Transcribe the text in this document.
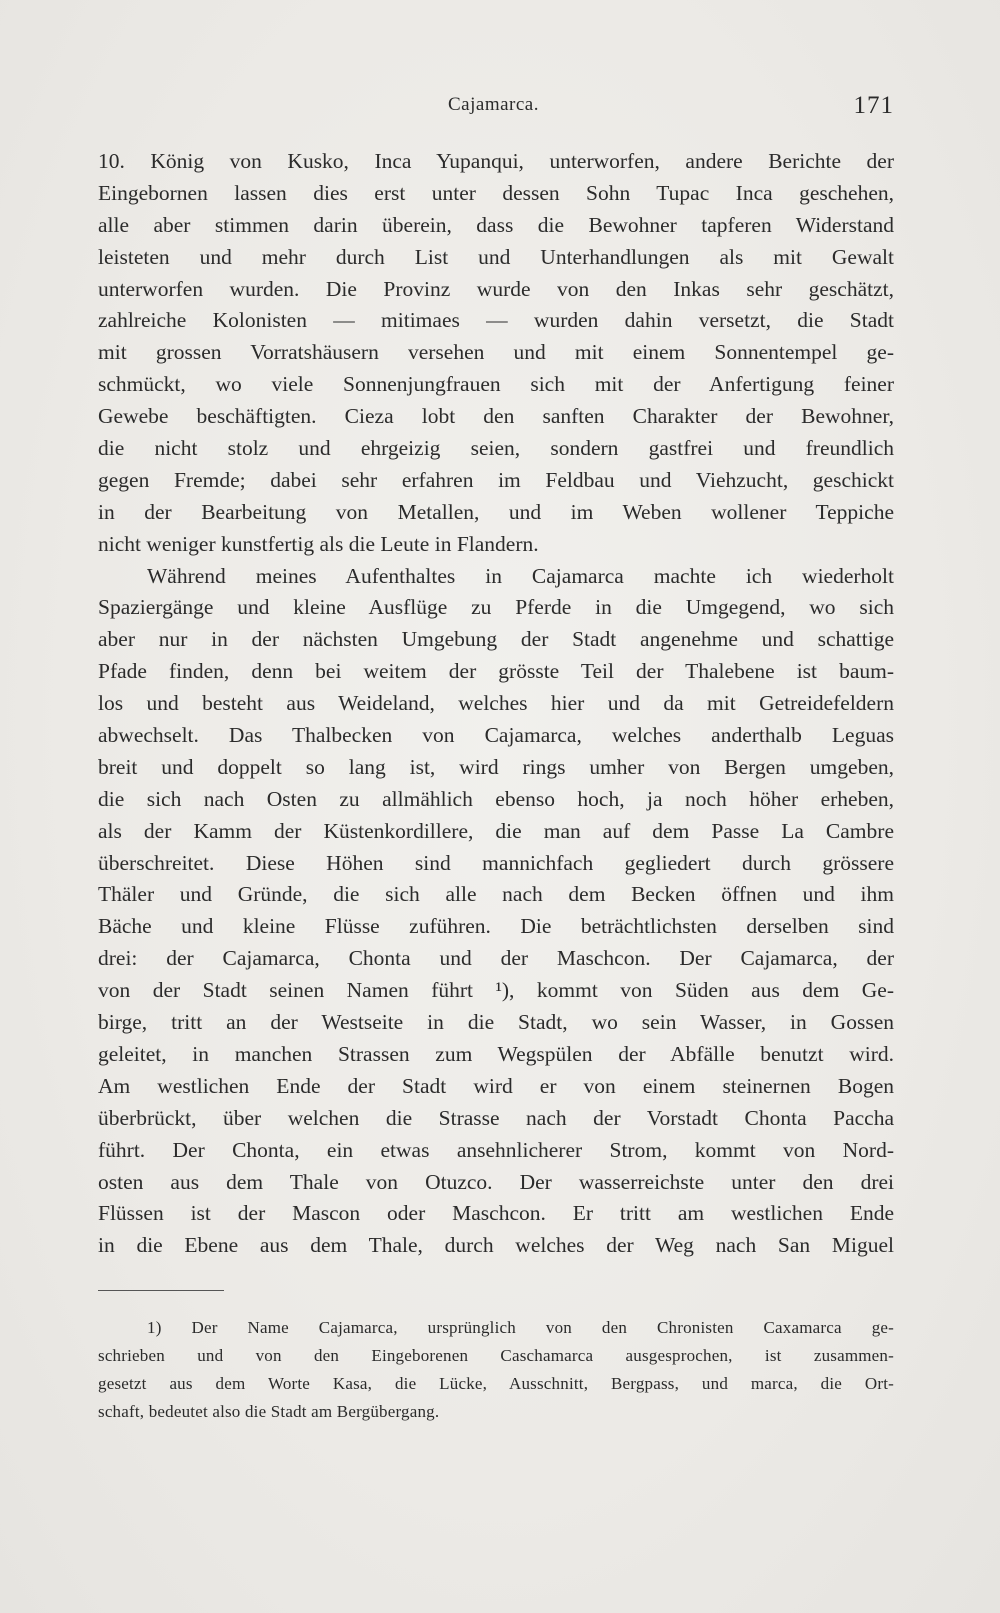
Cajamarca.	171
10. König von Kusko, Inca Yupanqui, unterworfen, andere Berichte der
Eingebornen lassen dies erst unter dessen Sohn Tupac Inca geschehen,
alle aber stimmen darin überein, dass die Bewohner tapferen Widerstand
leisteten und mehr durch List und Unterhandlungen als mit Gewalt
unterworfen wurden. Die Provinz wurde von den Inkas sehr geschätzt,
zahlreiche Kolonisten — mitimaes — wurden dahin versetzt, die Stadt
mit grossen Vorratshäusern versehen und mit einem Sonnentempel ge-
schmückt, wo viele Sonnenjungfrauen sich mit der Anfertigung feiner
Gewebe beschäftigten. Cieza lobt den sanften Charakter der Bewohner,
die nicht stolz und ehrgeizig seien, sondern gastfrei und freundlich
gegen Fremde; dabei sehr erfahren im Feldbau und Viehzucht, geschickt
in der Bearbeitung von Metallen, und im Weben wollener Teppiche
nicht weniger kunstfertig als die Leute in Flandern.
Während meines Aufenthaltes in Cajamarca machte ich wiederholt
Spaziergänge und kleine Ausflüge zu Pferde in die Umgegend, wo sich
aber nur in der nächsten Umgebung der Stadt angenehme und schattige
Pfade finden, denn bei weitem der grösste Teil der Thalebene ist baum-
los und besteht aus Weideland, welches hier und da mit Getreidefeldern
abwechselt. Das Thalbecken von Cajamarca, welches anderthalb Leguas
breit und doppelt so lang ist, wird rings umher von Bergen umgeben,
die sich nach Osten zu allmählich ebenso hoch, ja noch höher erheben,
als der Kamm der Küstenkordillere, die man auf dem Passe La Cambre
überschreitet. Diese Höhen sind mannichfach gegliedert durch grössere
Thäler und Gründe, die sich alle nach dem Becken öffnen und ihm
Bäche und kleine Flüsse zuführen. Die beträchtlichsten derselben sind
drei: der Cajamarca, Chonta und der Maschcon. Der Cajamarca, der
von der Stadt seinen Namen führt ¹), kommt von Süden aus dem Ge-
birge, tritt an der Westseite in die Stadt, wo sein Wasser, in Gossen
geleitet, in manchen Strassen zum Wegspülen der Abfälle benutzt wird.
Am westlichen Ende der Stadt wird er von einem steinernen Bogen
überbrückt, über welchen die Strasse nach der Vorstadt Chonta Paccha
führt. Der Chonta, ein etwas ansehnlicherer Strom, kommt von Nord-
osten aus dem Thale von Otuzco. Der wasserreichste unter den drei
Flüssen ist der Mascon oder Maschcon. Er tritt am westlichen Ende
in die Ebene aus dem Thale, durch welches der Weg nach San Miguel
1) Der Name Cajamarca, ursprünglich von den Chronisten Caxamarca ge-
schrieben und von den Eingeborenen Caschamarca ausgesprochen, ist zusammen-
gesetzt aus dem Worte Kasa, die Lücke, Ausschnitt, Bergpass, und marca, die Ort-
schaft, bedeutet also die Stadt am Bergübergang.
